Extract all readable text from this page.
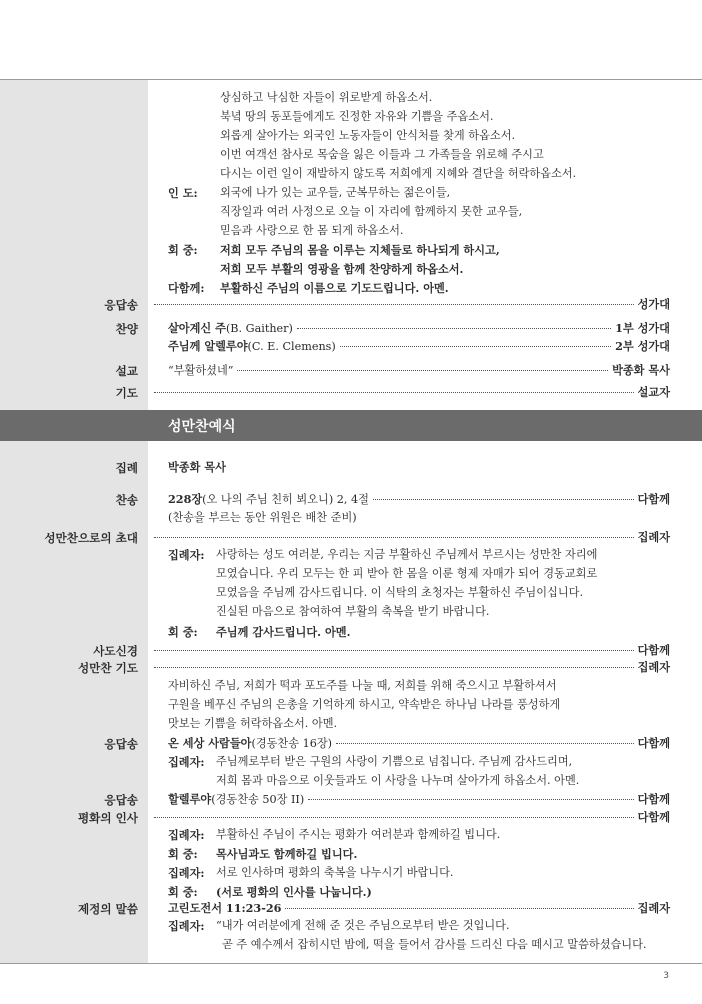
성만찬예식
상심하고 낙심한 자들이 위로받게 하옵소서.
북녘 땅의 동포들에게도 진정한 자유와 기쁨을 주옵소서.
외롭게 살아가는 외국인 노동자들이 안식처를 찾게 하옵소서.
이번 여객선 참사로 목숨을 잃은 이들과 그 가족들을 위로해 주시고
다시는 이런 일이 재발하지 않도록 저희에게 지혜와 결단을 허락하옵소서.
인 도: 외국에 나가 있는 교우들, 군복무하는 젊은이들,
직장일과 여러 사정으로 오늘 이 자리에 함께하지 못한 교우들,
믿음과 사랑으로 한 몸 되게 하옵소서.
회 중: 저희 모두 주님의 몸을 이루는 지체들로 하나되게 하시고,
저희 모두 부활의 영광을 함께 찬양하게 하옵소서.
다함께: 부활하신 주님의 이름으로 기도드립니다. 아멘.
응답송	성가대
찬양	살아계신 주 (B. Gaither)	1부 성가대
주님께 알렐루야 (C. E. Clemens)	2부 성가대
설교	“부활하셨네”	박종화 목사
기도	설교자
집례	박종화 목사
찬송	228장 (오 나의 주님 친히 뵈오니) 2, 4절	다함께
(찬송을 부르는 동안 위원은 배찬 준비)
성만찬으로의 초대	집례자
집례자: 사랑하는 성도 여러분, 우리는 지금 부활하신 주님께서 부르시는 성만찬 자리에
모였습니다. 우리 모두는 한 피 받아 한 몸을 이룬 형제 자매가 되어 경동교회로
모였음을 주님께 감사드립니다. 이 식탁의 초청자는 부활하신 주님이십니다.
진실된 마음으로 참여하여 부활의 축복을 받기 바랍니다.
회 중: 주님께 감사드립니다. 아멘.
사도신경	다함께
성만찬 기도	집례자
자비하신 주님, 저희가 떡과 포도주를 나눌 때, 저희를 위해 죽으시고 부활하셔서
구원을 베푸신 주님의 은총을 기억하게 하시고, 약속받은 하나님 나라를 풍성하게
맛보는 기쁨을 허락하옵소서. 아멘.
응답송	온 세상 사람들아 (경동찬송 16장)	다함께
집례자: 주님께로부터 받은 구원의 사랑이 기쁨으로 넘칩니다. 주님께 감사드리며,
저희 몸과 마음으로 이웃들과도 이 사랑을 나누며 살아가게 하옵소서. 아멘.
응답송	할렐루야 (경동찬송 50장 II)	다함께
평화의 인사	다함께
집례자: 부활하신 주님이 주시는 평화가 여러분과 함께하길 빕니다.
회 중: 목사님과도 함께하길 빕니다.
집례자: 서로 인사하며 평화의 축복을 나누시기 바랍니다.
회 중: (서로 평화의 인사를 나눕니다.)
제정의 말씀	고린도전서 11:23-26	집례자
집례자: “내가 여러분에게 전해 준 것은 주님으로부터 받은 것입니다.
곧 주 예수께서 잡히시던 밤에, 떡을 들어서 감사를 드리신 다음 떼시고 말씀하셨습니다.
3
